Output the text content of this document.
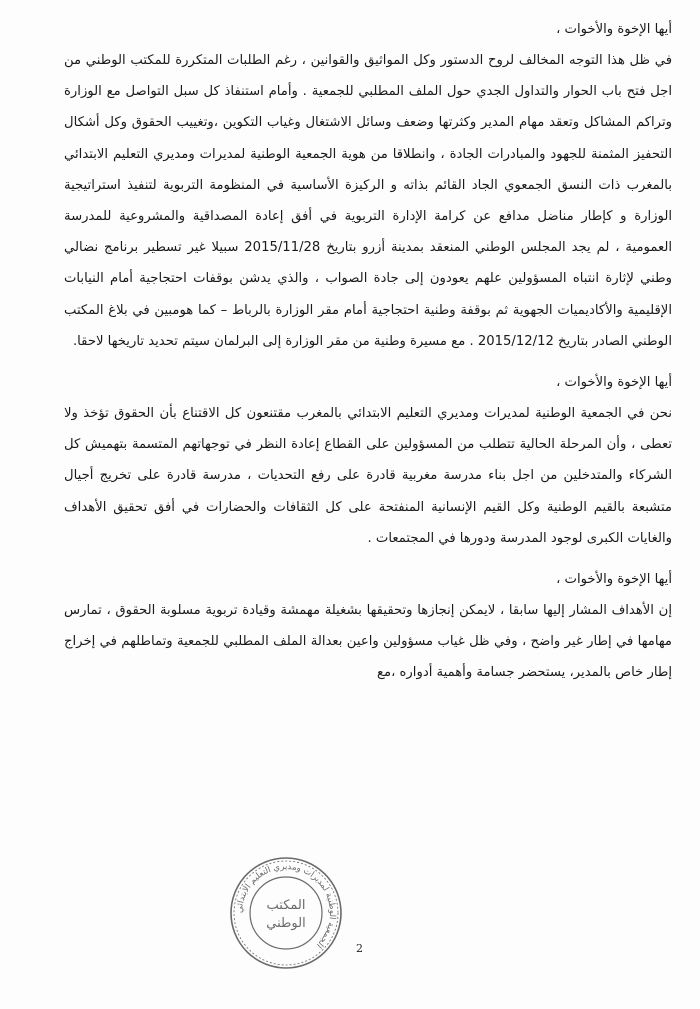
أيها الإخوة والأخوات ،

في ظل هذا التوجه المخالف لروح الدستور وكل المواثيق والقوانين ، رغم الطلبات المتكررة للمكتب الوطني من اجل فتح باب الحوار والتداول الجدي حول الملف المطلبي للجمعية . وأمام استنفاذ كل سبل التواصل مع الوزارة وتراكم المشاكل وتعقد مهام المدير وكثرتها وضعف وسائل الاشتغال وغياب التكوين ،وتغييب الحقوق وكل أشكال التحفيز المثمنة للجهود والمبادرات الجادة ، وانطلاقا من هوية الجمعية الوطنية لمديرات ومديري التعليم الابتدائي بالمغرب ذات النسق الجمعوي الجاد القائم بذاته و الركيزة الأساسية في المنظومة التربوية لتنفيذ استراتيجية الوزارة و كإطار مناضل مدافع عن كرامة الإدارة التربوية في أفق إعادة المصداقية والمشروعية للمدرسة العمومية ، لم يجد المجلس الوطني المنعقد بمدينة أزرو بتاريخ 2015/11/28 سبيلا غير تسطير برنامج نضالي وطني لإثارة انتباه المسؤولين علهم يعودون إلى جادة الصواب ، والذي يدشن بوقفات احتجاجية أمام النيابات الإقليمية والأكاديميات الجهوية ثم بوقفة وطنية احتجاجية أمام مقر الوزارة بالرباط – كما هومبين في بلاغ المكتب الوطني الصادر بتاريخ 2015/12/12 . مع مسيرة وطنية من مقر الوزارة إلى البرلمان سيتم تحديد تاريخها لاحقا.

أيها الإخوة والأخوات ،

نحن في الجمعية الوطنية لمديرات ومديري التعليم الابتدائي بالمغرب مقتنعون كل الاقتناع بأن الحقوق تؤخذ ولا تعطى ، وأن المرحلة الحالية تتطلب من المسؤولين على القطاع إعادة النظر في توجهاتهم المتسمة بتهميش كل الشركاء والمتدخلين من اجل بناء مدرسة مغربية قادرة على رفع التحديات ، مدرسة قادرة على تخريج أجيال متشبعة بالقيم الوطنية وكل القيم الإنسانية المنفتحة على كل الثقافات والحضارات في أفق تحقيق الأهداف والغايات الكبرى لوجود المدرسة ودورها في المجتمعات .

أيها الإخوة والأخوات ،

إن الأهداف المشار إليها سابقا ، لايمكن إنجازها وتحقيقها بشغيلة مهمشة وقيادة تربوية مسلوبة الحقوق ، تمارس مهامها في إطار غير واضح ، وفي ظل غياب مسؤولين واعين بعدالة الملف المطلبي للجمعية وتماطلهم في إخراج إطار خاص بالمدير، يستحضر جسامة وأهمية أدواره ،مع

الجمعية الوطنية لمديرات ومديري التعليم الابتدائي
المكتب
الوطني
2
